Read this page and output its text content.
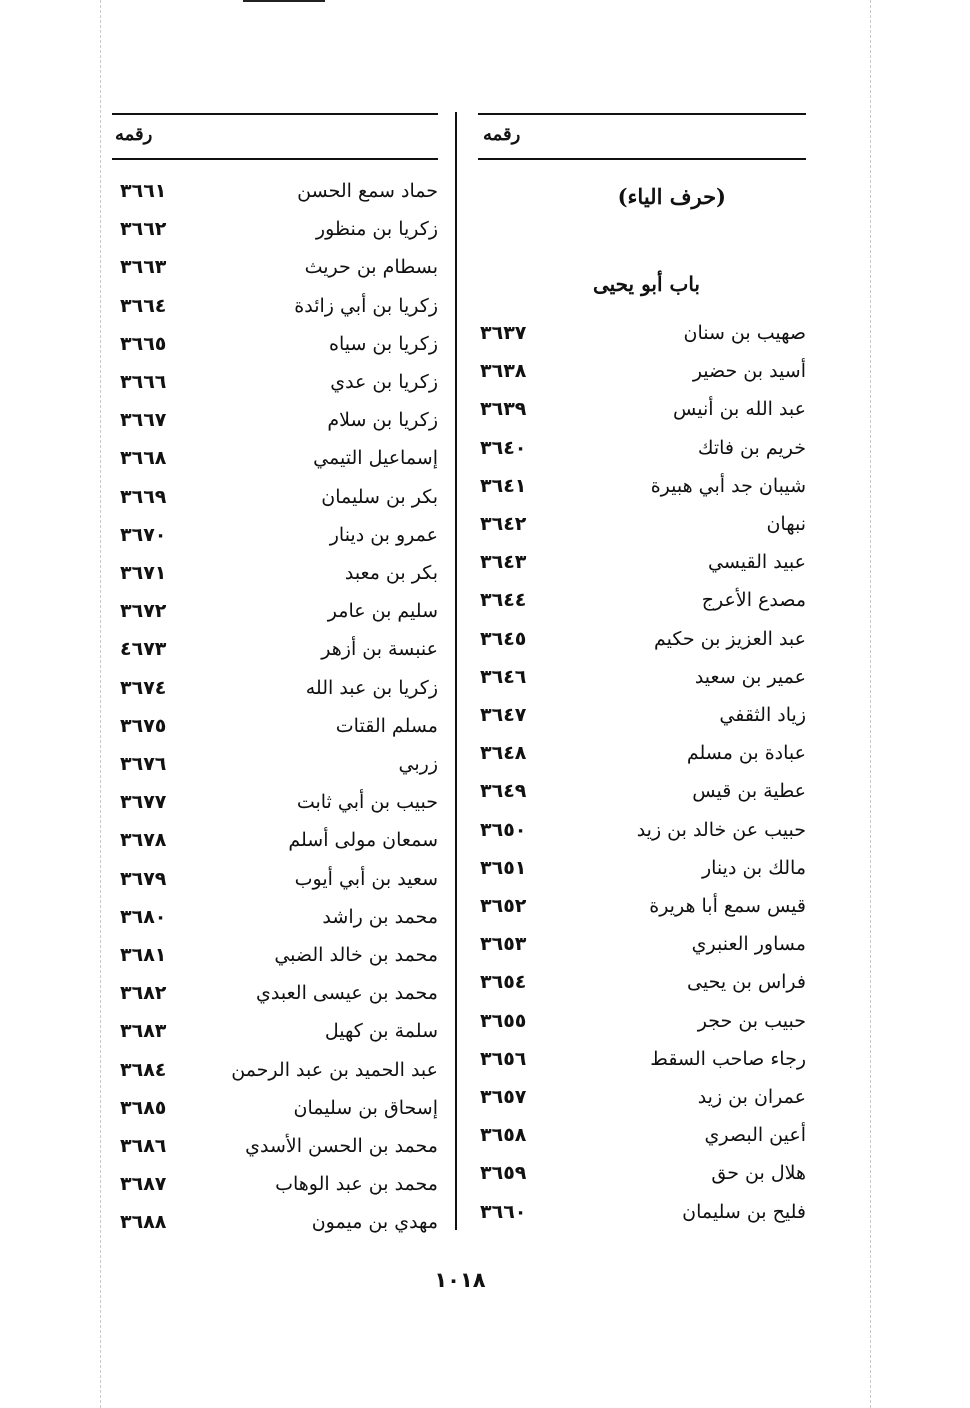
رقمه	رقمه
(حرف الياء)
باب أبو يحيى
صهيب بن سنان
٣٦٣٧
أسيد بن حضير
٣٦٣٨
عبد الله بن أنيس
٣٦٣٩
خريم بن فاتك
٣٦٤٠
شيبان جد أبي هبيرة
٣٦٤١
نبهان
٣٦٤٢
عبيد القيسي
٣٦٤٣
مصدع الأعرج
٣٦٤٤
عبد العزيز بن حكيم
٣٦٤٥
عمير بن سعيد
٣٦٤٦
زياد الثقفي
٣٦٤٧
عبادة بن مسلم
٣٦٤٨
عطية بن قيس
٣٦٤٩
حبيب عن خالد بن زيد
٣٦٥٠
مالك بن دينار
٣٦٥١
قيس سمع أبا هريرة
٣٦٥٢
مساور العنبري
٣٦٥٣
فراس بن يحيى
٣٦٥٤
حبيب بن حجر
٣٦٥٥
رجاء صاحب السقط
٣٦٥٦
عمران بن زيد
٣٦٥٧
أعين البصري
٣٦٥٨
هلال بن حق
٣٦٥٩
فليح بن سليمان
٣٦٦٠
حماد سمع الحسن
٣٦٦١
زكريا بن منظور
٣٦٦٢
بسطام بن حريث
٣٦٦٣
زكريا بن أبي زائدة
٣٦٦٤
زكريا بن سياه
٣٦٦٥
زكريا بن عدي
٣٦٦٦
زكريا بن سلام
٣٦٦٧
إسماعيل التيمي
٣٦٦٨
بكر بن سليمان
٣٦٦٩
عمرو بن دينار
٣٦٧٠
بكر بن معبد
٣٦٧١
سليم بن عامر
٣٦٧٢
عنبسة بن أزهر
٤٦٧٣
زكريا بن عبد الله
٣٦٧٤
مسلم القتات
٣٦٧٥
زربي
٣٦٧٦
حبيب بن أبي ثابت
٣٦٧٧
سمعان مولى أسلم
٣٦٧٨
سعيد بن أبي أيوب
٣٦٧٩
محمد بن راشد
٣٦٨٠
محمد بن خالد الضبي
٣٦٨١
محمد بن عيسى العبدي
٣٦٨٢
سلمة بن كهيل
٣٦٨٣
عبد الحميد بن عبد الرحمن
٣٦٨٤
إسحاق بن سليمان
٣٦٨٥
محمد بن الحسن الأسدي
٣٦٨٦
محمد بن عبد الوهاب
٣٦٨٧
مهدي بن ميمون
٣٦٨٨
١٠١٨
